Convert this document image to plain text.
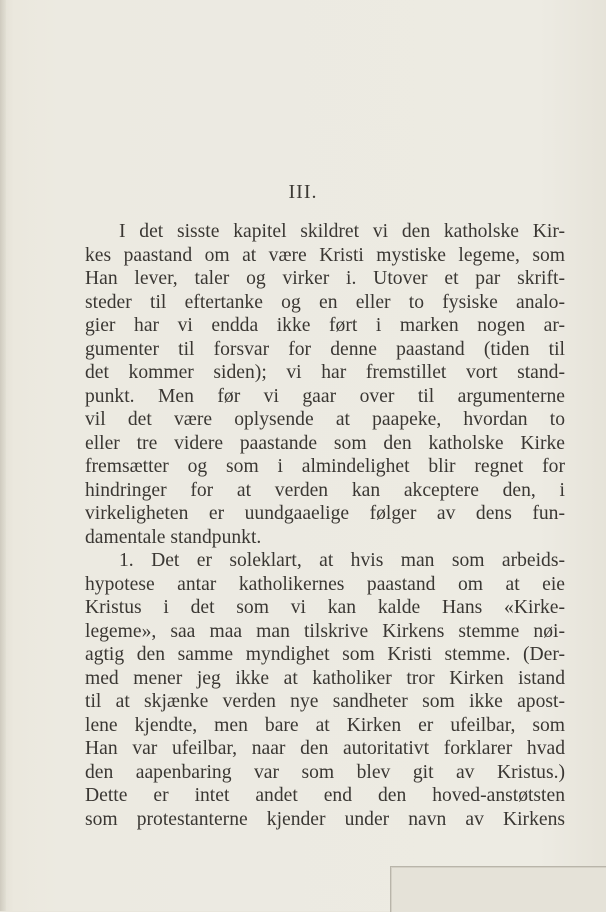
III.
I det sisste kapitel skildret vi den katholske Kir-
kes paastand om at være Kristi mystiske legeme, som
Han lever, taler og virker i. Utover et par skrift-
steder til eftertanke og en eller to fysiske analo-
gier har vi endda ikke ført i marken nogen ar-
gumenter til forsvar for denne paastand (tiden til
det kommer siden); vi har fremstillet vort stand-
punkt. Men før vi gaar over til argumenterne
vil det være oplysende at paapeke, hvordan to
eller tre videre paastande som den katholske Kirke
fremsætter og som i almindelighet blir regnet for
hindringer for at verden kan akceptere den, i
virkeligheten er uundgaaelige følger av dens fun-
damentale standpunkt.
1. Det er soleklart, at hvis man som arbeids-
hypotese antar katholikernes paastand om at eie
Kristus i det som vi kan kalde Hans «Kirke-
legeme», saa maa man tilskrive Kirkens stemme nøi-
agtig den samme myndighet som Kristi stemme. (Der-
med mener jeg ikke at katholiker tror Kirken istand
til at skjænke verden nye sandheter som ikke apost-
lene kjendte, men bare at Kirken er ufeilbar, som
Han var ufeilbar, naar den autoritativt forklarer hvad
den aapenbaring var som blev git av Kristus.)
Dette er intet andet end den hoved-anstøtsten
som protestanterne kjender under navn av Kirkens
